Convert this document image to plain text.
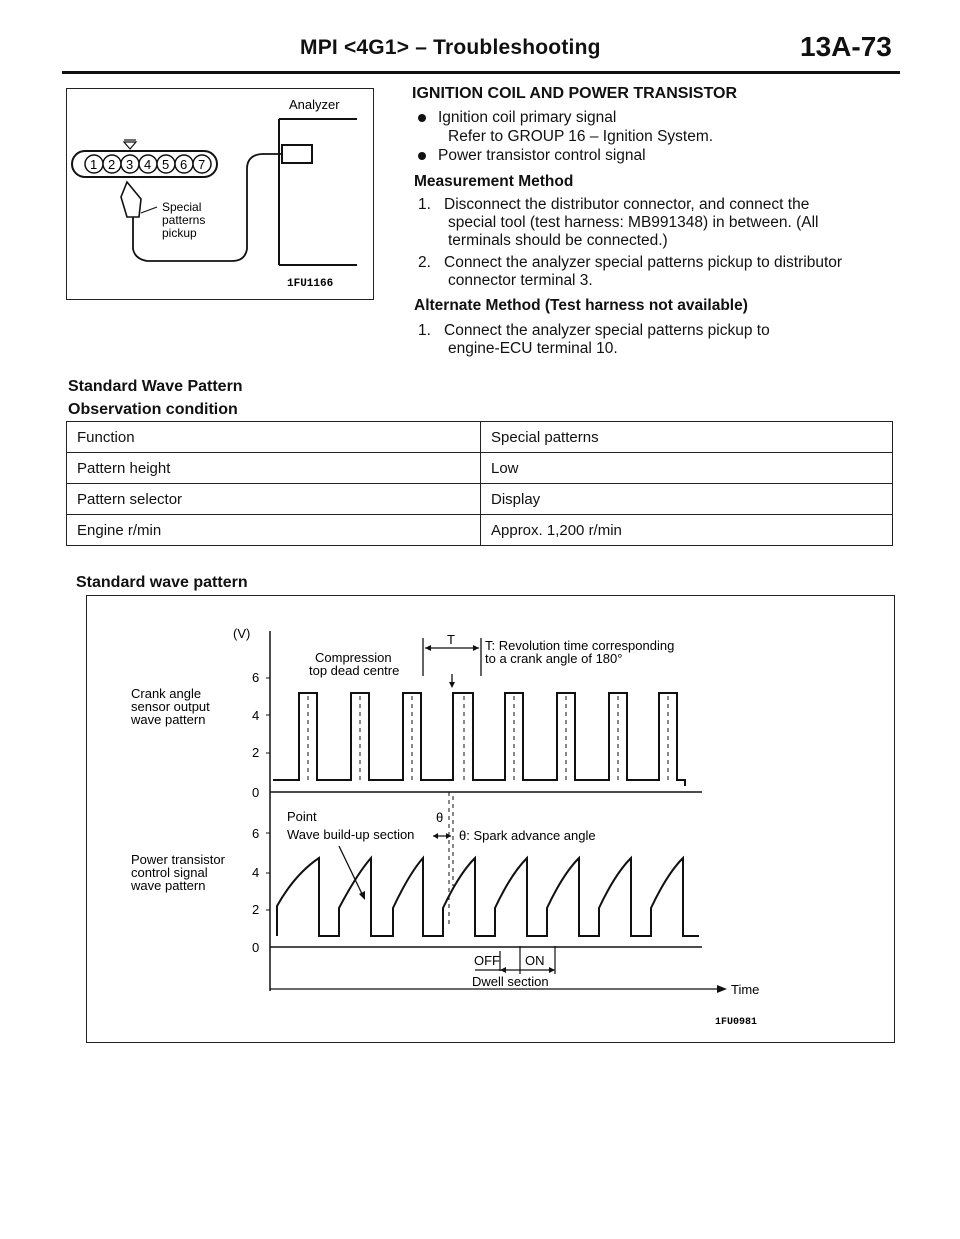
MPI <4G1> – Troubleshooting	13A-73
1 2 3 4 5 6 7
Special
patterns
pickup
Analyzer
1FU1166
IGNITION COIL AND POWER TRANSISTOR
Ignition coil primary signal
Refer to GROUP 16 – Ignition System.
Power transistor control signal
Measurement Method
1. Disconnect the distributor connector, and connect the
special tool (test harness: MB991348) in between. (All
terminals should be connected.)
2. Connect the analyzer special patterns pickup to distributor
connector terminal 3.
Alternate Method (Test harness not available)
1. Connect the analyzer special patterns pickup to
engine-ECU terminal 10.
Standard Wave Pattern
Observation condition
Function	Special patterns
Pattern height	Low
Pattern selector	Display
Engine r/min	Approx. 1,200 r/min
Standard wave pattern
(V)
6
4
2
0
6
4
2
0
Crank angle
sensor output
wave pattern
Power transistor
control signal
wave pattern
T
Compression
top dead centre
T: Revolution time corresponding
to a crank angle of 180°
Point
Wave build-up section
θ
θ: Spark advance angle
OFF ON
Dwell section
Time
1FU0981
